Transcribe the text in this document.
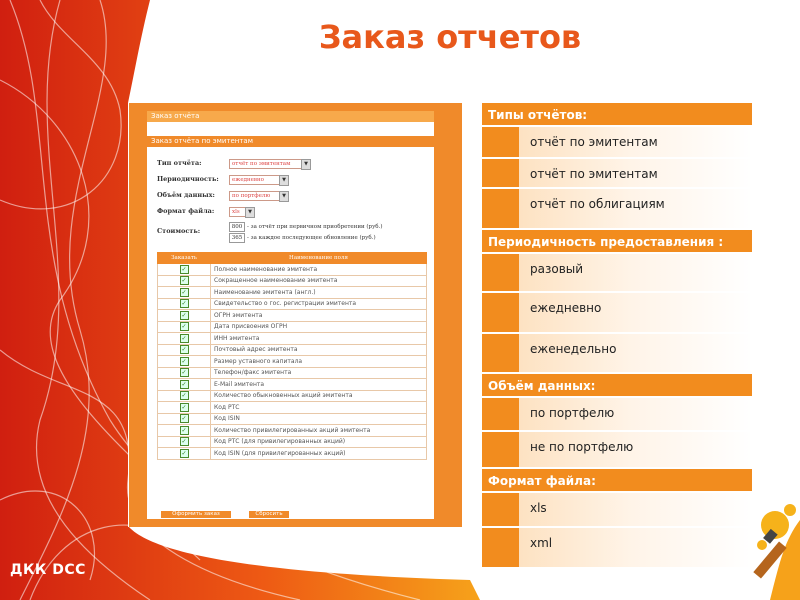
Заказ отчетов
Заказ отчёта
Заказ отчёта по эмитентам
Тип отчёта:	отчёт по эмитентам	▼
Периодичность:	ежедневно	▼
Объём данных:	по портфелю	▼
Формат файла:	xls	▼
Стоимость:	800 - за отчёт при первичном приобретении (руб.)
365 - за каждое последующее обновление (руб.)
Заказать	Наименование поля
✓	Полное наименование эмитента
✓	Сокращенное наименование эмитента
✓	Наименование эмитента (англ.)
✓	Свидетельство о гос. регистрации эмитента
✓	ОГРН эмитента
✓	Дата присвоения ОГРН
✓	ИНН эмитента
✓	Почтовый адрес эмитента
✓	Размер уставного капитала
✓	Телефон/факс эмитента
✓	E-Mail эмитента
✓	Количество обыкновенных акций эмитента
✓	Код РТС
✓	Код ISIN
✓	Количество привилегированных акций эмитента
✓	Код РТС (для привилегированных акций)
✓	Код ISIN (для привилегированных акций)
Оформить заказ	Сбросить
Типы отчётов:
отчёт по эмитентам
отчёт по эмитентам
отчёт по облигациям
Периодичность предоставления :
разовый
ежедневно
еженедельно
Объём данных:
по портфелю
не по портфелю
Формат файла:
xls
xml
ДКК DCC
